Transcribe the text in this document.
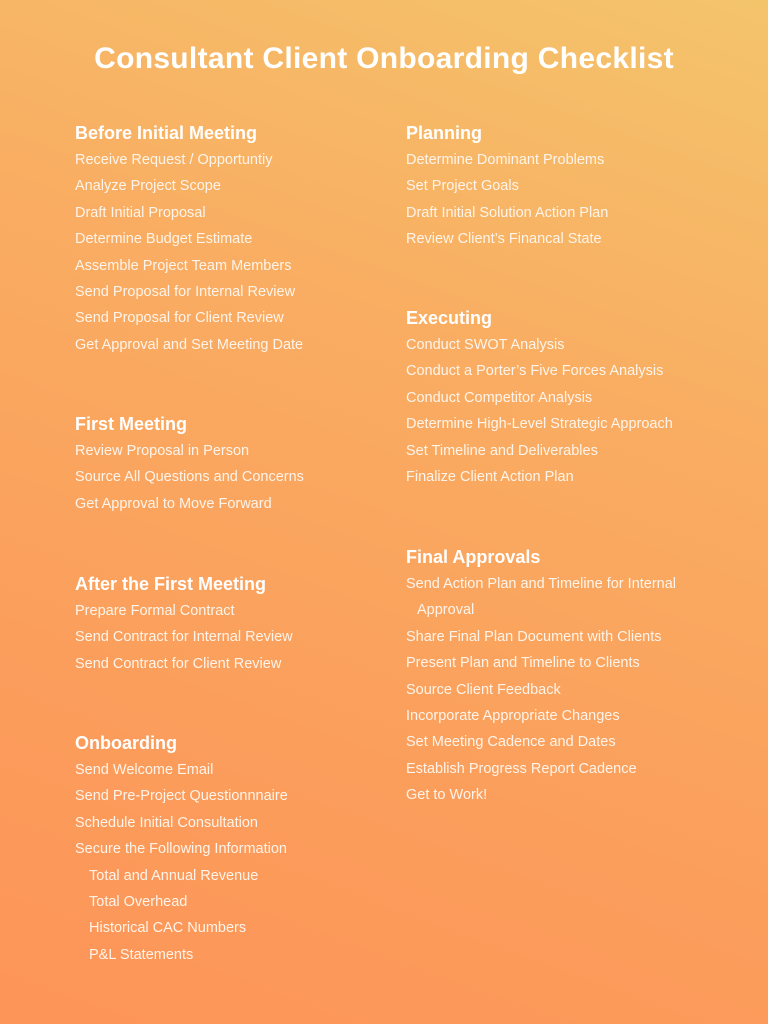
Consultant Client Onboarding Checklist
Before Initial Meeting
Receive Request / Opportuntiy
Analyze Project Scope
Draft Initial Proposal
Determine Budget Estimate
Assemble Project Team Members
Send Proposal for Internal Review
Send Proposal for Client Review
Get Approval and Set Meeting Date
First Meeting
Review Proposal in Person
Source All Questions and Concerns
Get Approval to Move Forward
After the First Meeting
Prepare Formal Contract
Send Contract for Internal Review
Send Contract for Client Review
Onboarding
Send Welcome Email
Send Pre-Project Questionnnaire
Schedule Initial Consultation
Secure the Following Information
Total and Annual Revenue
Total Overhead
Historical CAC Numbers
P&L Statements
Planning
Determine Dominant Problems
Set Project Goals
Draft Initial Solution Action Plan
Review Client’s Financal State
Executing
Conduct SWOT Analysis
Conduct a Porter’s Five Forces Analysis
Conduct Competitor Analysis
Determine High-Level Strategic Approach
Set Timeline and Deliverables
Finalize Client Action Plan
Final Approvals
Send Action Plan and Timeline for Internal
Approval
Share Final Plan Document with Clients
Present Plan and Timeline to Clients
Source Client Feedback
Incorporate Appropriate Changes
Set Meeting Cadence and Dates
Establish Progress Report Cadence
Get to Work!
